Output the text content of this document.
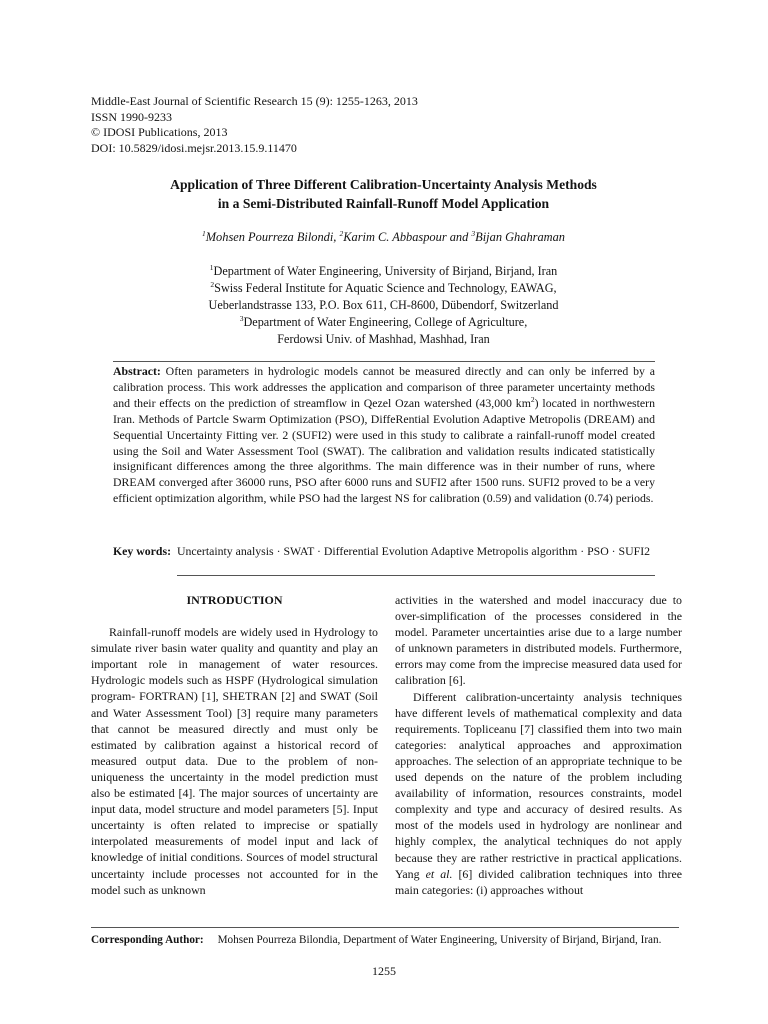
Middle-East Journal of Scientific Research 15 (9): 1255-1263, 2013
ISSN 1990-9233
© IDOSI Publications, 2013
DOI: 10.5829/idosi.mejsr.2013.15.9.11470
Application of Three Different Calibration-Uncertainty Analysis Methods
in a Semi-Distributed Rainfall-Runoff Model Application
$^1$Mohsen Pourreza Bilondi, $^2$Karim C. Abbaspour and $^3$Bijan Ghahraman
$^1$Department of Water Engineering, University of Birjand, Birjand, Iran
$^2$Swiss Federal Institute for Aquatic Science and Technology, EAWAG,
Ueberlandstrasse 133, P.O. Box 611, CH-8600, Dübendorf, Switzerland
$^3$Department of Water Engineering, College of Agriculture,
Ferdowsi Univ. of Mashhad, Mashhad, Iran
Abstract: Often parameters in hydrologic models cannot be measured directly and can only be inferred by a calibration process. This work addresses the application and comparison of three parameter uncertainty methods and their effects on the prediction of streamflow in Qezel Ozan watershed (43,000 $km^2$) located in northwestern Iran. Methods of Partcle Swarm Optimization (PSO), DiffeRential Evolution Adaptive Metropolis (DREAM) and Sequential Uncertainty Fitting ver. 2 (SUFI2) were used in this study to calibrate a rainfall-runoff model created using the Soil and Water Assessment Tool (SWAT). The calibration and validation results indicated statistically insignificant differences among the three algorithms. The main difference was in their number of runs, where DREAM converged after 36000 runs, PSO after 6000 runs and SUFI2 after 1500 runs. SUFI2 proved to be a very efficient optimization algorithm, while PSO had the largest NS for calibration (0.59) and validation (0.74) periods.
Key words: Uncertainty analysis · SWAT · Differential Evolution Adaptive Metropolis algorithm · PSO · SUFI2
INTRODUCTION

Rainfall-runoff models are widely used in Hydrology to simulate river basin water quality and quantity and play an important role in management of water resources. Hydrologic models such as HSPF (Hydrological simulation program- FORTRAN) [1], SHETRAN [2] and SWAT (Soil and Water Assessment Tool) [3] require many parameters that cannot be measured directly and must only be estimated by calibration against a historical record of measured output data. Due to the problem of non-uniqueness the uncertainty in the model prediction must also be estimated [4]. The major sources of uncertainty are input data, model structure and model parameters [5]. Input uncertainty is often related to imprecise or spatially interpolated measurements of model input and lack of knowledge of initial conditions. Sources of model structural uncertainty include processes not accounted for in the model such as unknown

activities in the watershed and model inaccuracy due to over-simplification of the processes considered in the model. Parameter uncertainties arise due to a large number of unknown parameters in distributed models. Furthermore, errors may come from the imprecise measured data used for calibration [6].

Different calibration-uncertainty analysis techniques have different levels of mathematical complexity and data requirements. Topliceanu [7] classified them into two main categories: analytical approaches and approximation approaches. The selection of an appropriate technique to be used depends on the nature of the problem including availability of information, resources constraints, model complexity and type and accuracy of desired results. As most of the models used in hydrology are nonlinear and highly complex, the analytical techniques do not apply because they are rather restrictive in practical applications. Yang et al. [6] divided calibration techniques into three main categories: (i) approaches without

Corresponding Author: Mohsen Pourreza Bilondia, Department of Water Engineering, University of Birjand, Birjand, Iran.
1255
